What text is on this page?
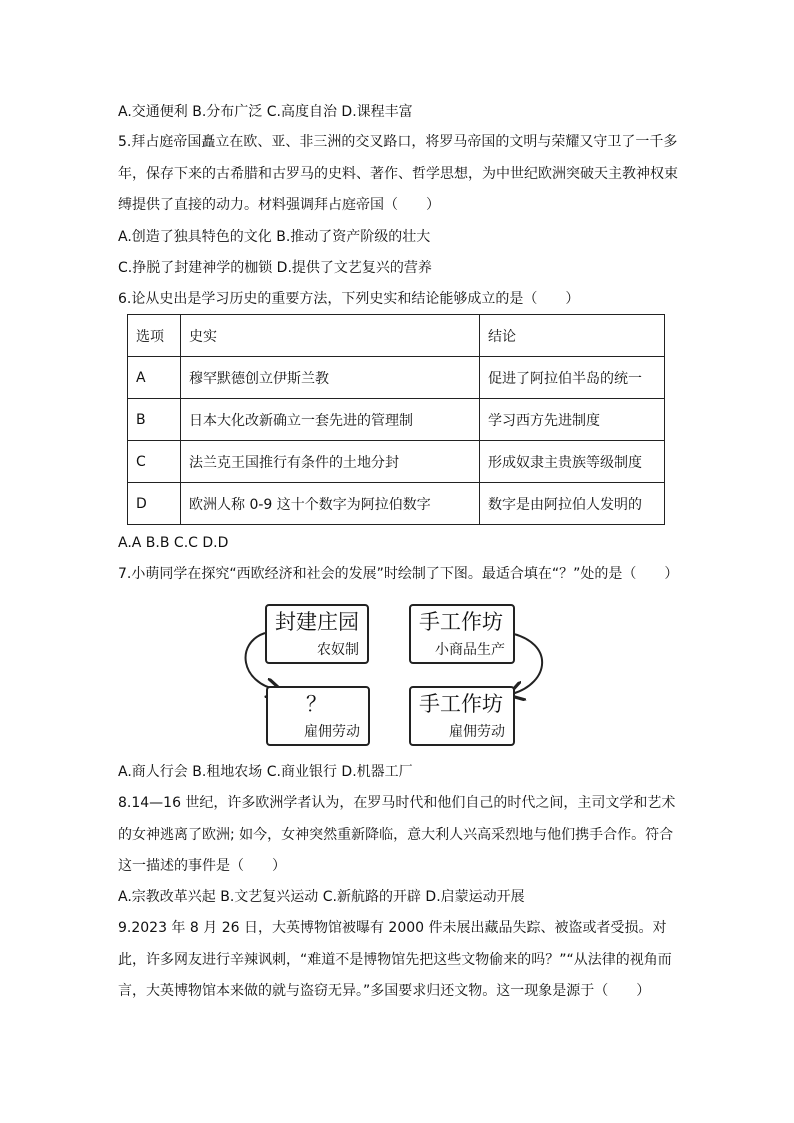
A.交通便利 B.分布广泛 C.高度自治 D.课程丰富
5.拜占庭帝国矗立在欧、亚、非三洲的交叉路口，将罗马帝国的文明与荣耀又守卫了一千多年，保存下来的古希腊和古罗马的史料、著作、哲学思想，为中世纪欧洲突破天主教神权束缚提供了直接的动力。材料强调拜占庭帝国（　　）
A.创造了独具特色的文化 B.推动了资产阶级的壮大
C.挣脱了封建神学的枷锁 D.提供了文艺复兴的营养
6.论从史出是学习历史的重要方法，下列史实和结论能够成立的是（　　）
选项	史实	结论
A	穆罕默德创立伊斯兰教	促进了阿拉伯半岛的统一
B	日本大化改新确立一套先进的管理制	学习西方先进制度
C	法兰克王国推行有条件的土地分封	形成奴隶主贵族等级制度
D	欧洲人称 0-9 这十个数字为阿拉伯数字	数字是由阿拉伯人发明的
A.A B.B C.C D.D
7.小萌同学在探究“西欧经济和社会的发展”时绘制了下图。最适合填在“？”处的是（　　）
封建庄园
农奴制
手工作坊
小商品生产
？
雇佣劳动
手工作坊
雇佣劳动
A.商人行会 B.租地农场 C.商业银行 D.机器工厂
8.14—16 世纪，许多欧洲学者认为，在罗马时代和他们自己的时代之间，主司文学和艺术的女神逃离了欧洲; 如今，女神突然重新降临，意大利人兴高采烈地与他们携手合作。符合这一描述的事件是（　　）
A.宗教改革兴起 B.文艺复兴运动 C.新航路的开辟 D.启蒙运动开展
9.2023 年 8 月 26 日，大英博物馆被曝有 2000 件未展出藏品失踪、被盗或者受损。对此，许多网友进行辛辣讽刺，“难道不是博物馆先把这些文物偷来的吗？”“从法律的视角而言，大英博物馆本来做的就与盗窃无异。”多国要求归还文物。这一现象是源于（　　）
